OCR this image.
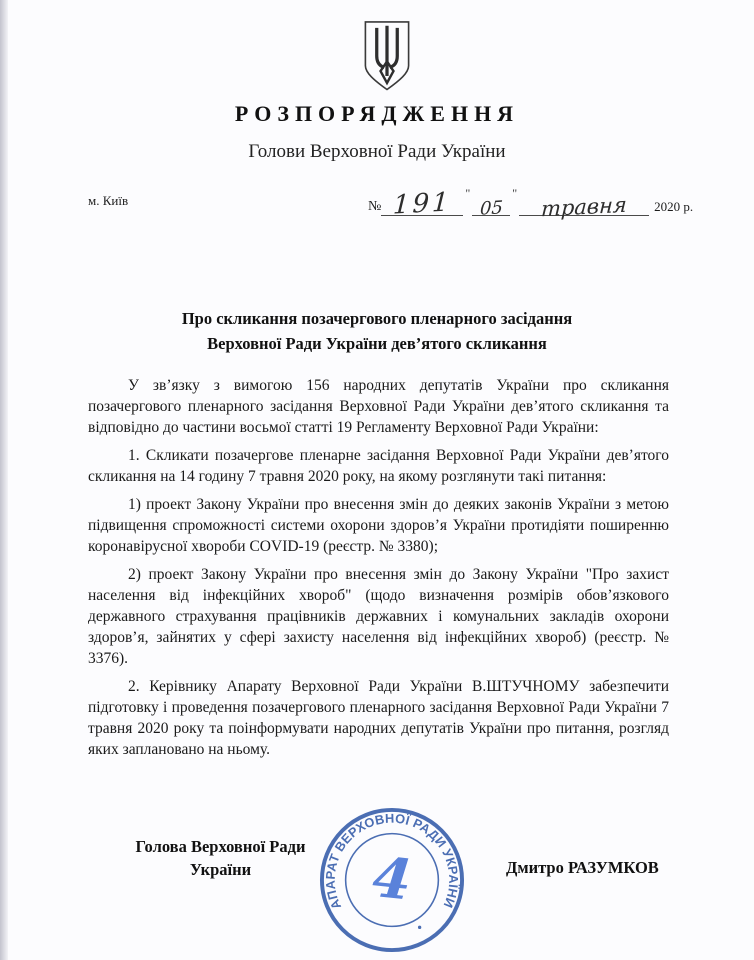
РОЗПОРЯДЖЕННЯ
Голови Верховної Ради України
м. Київ	№ 191 "
05
" травня 2020 р.
Про скликання позачергового пленарного засідання
Верховної Ради України дев’ятого скликання

У зв’язку з вимогою 156 народних депутатів України про скликання позачергового пленарного засідання Верховної Ради України дев’ятого скликання та відповідно до частини восьмої статті 19 Регламенту Верховної Ради України:

1. Скликати позачергове пленарне засідання Верховної Ради України дев’ятого скликання на 14 годину 7 травня 2020 року, на якому розглянути такі питання:

1) проект Закону України про внесення змін до деяких законів України з метою підвищення спроможності системи охорони здоров’я України протидіяти поширенню коронавірусної хвороби COVID-19 (реєстр. № 3380);

2) проект Закону України про внесення змін до Закону України "Про захист населення від інфекційних хвороб" (щодо визначення розмірів обов’язкового державного страхування працівників державних і комунальних закладів охорони здоров’я, зайнятих у сфері захисту населення від інфекційних хвороб) (реєстр. № 3376).

2. Керівнику Апарату Верховної Ради України В.ШТУЧНОМУ забезпечити підготовку і проведення позачергового пленарного засідання Верховної Ради України 7 травня 2020 року та поінформувати народних депутатів України про питання, розгляд яких заплановано на ньому.

Голова Верховної Ради
України	Дмитро РАЗУМКОВ
АПАРАТ ВЕРХОВНОЇ РАДИ УКРАЇНИ
4
